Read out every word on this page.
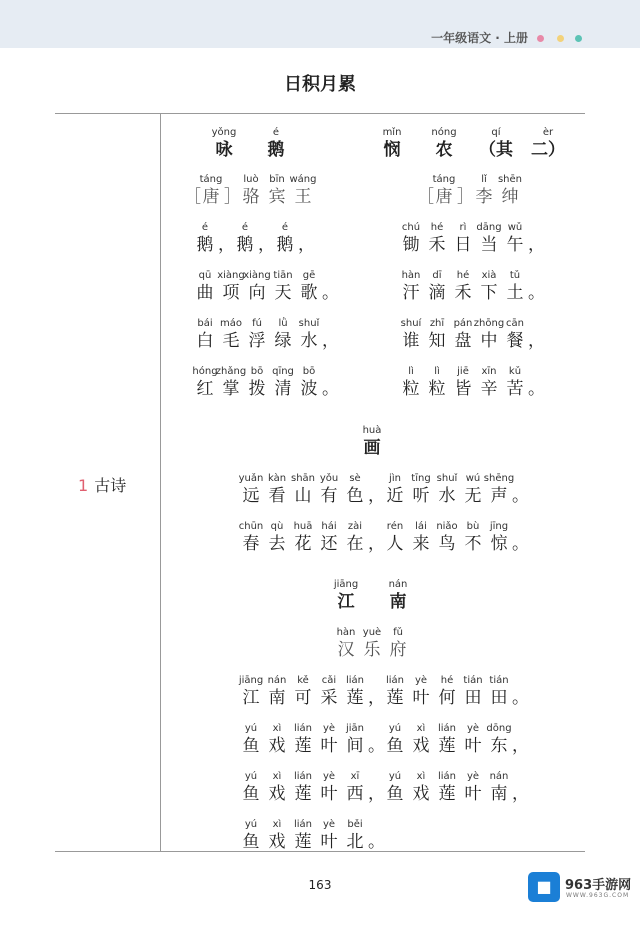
一年级语文 · 上册
日积月累
1 古诗
yǒng
咏
é
鹅
［
táng
唐 ］
luò
骆
bīn
宾
wáng
王
é
鹅 ，
é
鹅 ，
é
鹅 ，
qū
曲
xiàng
项
xiàng
向
tiān
天
gē
歌 。
bái
白
máo
毛
fú
浮
lǜ
绿
shuǐ
水 ，
hóng
红
zhǎng
掌
bō
拨
qīng
清
bō
波 。
mǐn
悯
nóng
农
qí
（其
èr
二）
［
táng
唐 ］
lǐ
李
shēn
绅
chú
锄
hé
禾
rì
日
dāng
当
wǔ
午 ，
hàn
汗
dī
滴
hé
禾
xià
下
tǔ
土 。
shuí
谁
zhī
知
pán
盘
zhōng
中
cān
餐 ，
lì
粒
lì
粒
jiē
皆
xīn
辛
kǔ
苦 。
huà
画
yuǎn
远
kàn
看
shān
山
yǒu
有
sè
色 ，
jìn
近
tīng
听
shuǐ
水
wú
无
shēng
声 。
chūn
春
qù
去
huā
花
hái
还
zài
在 ，
rén
人
lái
来
niǎo
鸟
bù
不
jīng
惊 。
jiāng
江
nán
南
hàn
汉
yuè
乐
fǔ
府
jiāng
江
nán
南
kě
可
cǎi
采
lián
莲 ，
lián
莲
yè
叶
hé
何
tián
田
tián
田 。
yú
鱼
xì
戏
lián
莲
yè
叶
jiān
间 。
yú
鱼
xì
戏
lián
莲
yè
叶
dōng
东 ，
yú
鱼
xì
戏
lián
莲
yè
叶
xī
西 ，
yú
鱼
xì
戏
lián
莲
yè
叶
nán
南 ，
yú
鱼
xì
戏
lián
莲
yè
叶
běi
北 。
163	■	963手游网
WWW.963G.COM
